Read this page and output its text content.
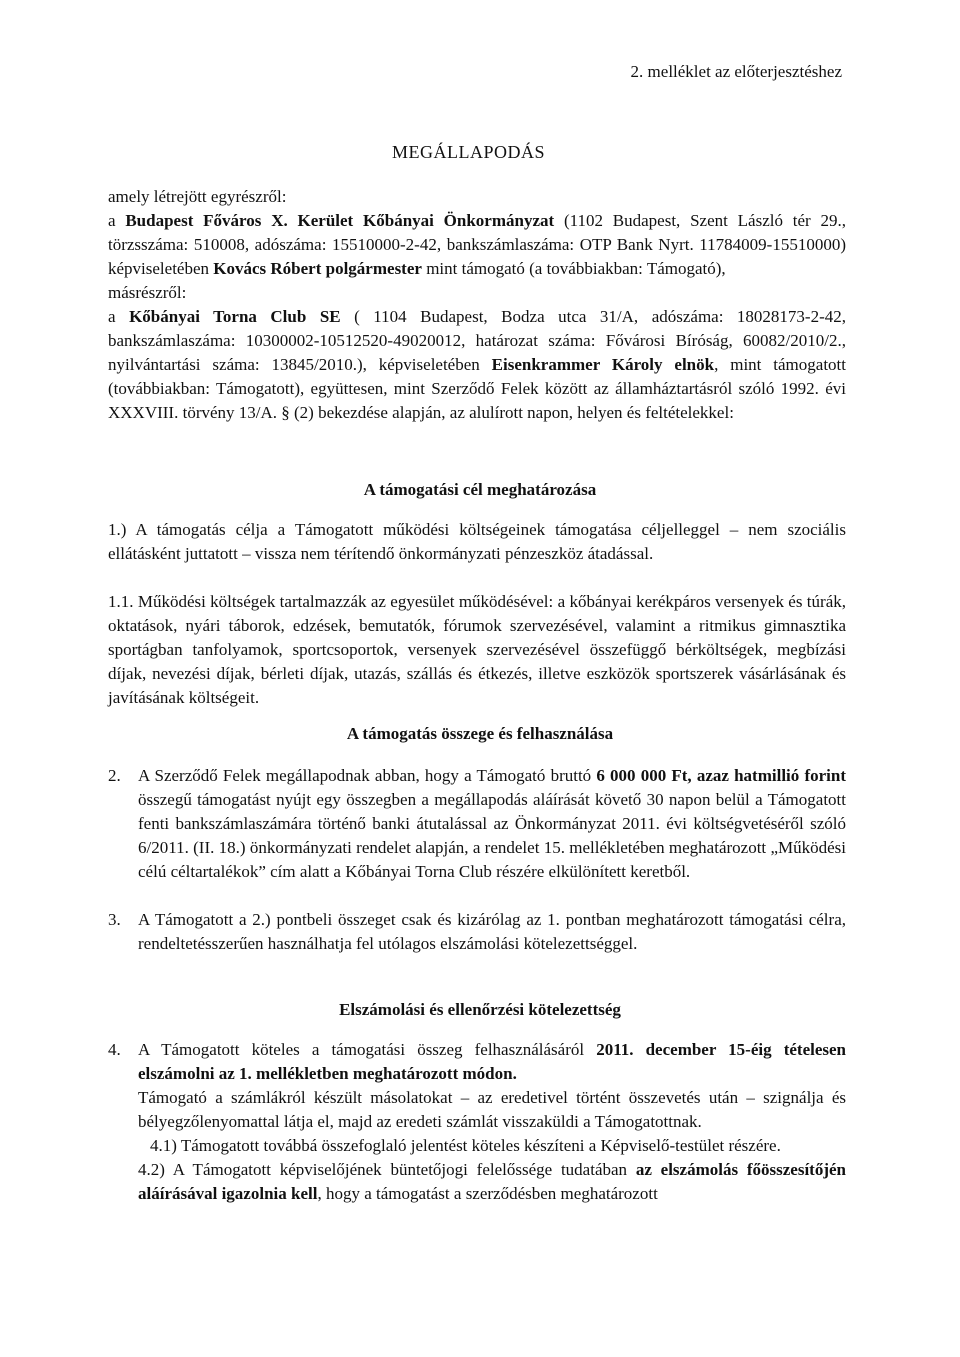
2. melléklet az előterjesztéshez
MEGÁLLAPODÁS

amely létrejött egyrészről:

a Budapest Főváros X. Kerület Kőbányai Önkormányzat (1102 Budapest, Szent László tér 29., törzsszáma: 510008, adószáma: 15510000-2-42, bankszámlaszáma: OTP Bank Nyrt. 11784009-15510000) képviseletében Kovács Róbert polgármester mint támogató (a továbbiakban: Támogató),

másrészről:

a Kőbányai Torna Club SE ( 1104 Budapest, Bodza utca 31/A, adószáma: 18028173-2-42, bankszámlaszáma: 10300002-10512520-49020012, határozat száma: Fővárosi Bíróság, 60082/2010/2., nyilvántartási száma: 13845/2010.), képviseletében Eisenkrammer Károly elnök, mint támogatott (továbbiakban: Támogatott), együttesen, mint Szerződő Felek között az államháztartásról szóló 1992. évi XXXVIII. törvény 13/A. § (2) bekezdése alapján, az alulírott napon, helyen és feltételekkel:

A támogatási cél meghatározása

1.) A támogatás célja a Támogatott működési költségeinek támogatása céljelleggel – nem szociális ellátásként juttatott – vissza nem térítendő önkormányzati pénzeszköz átadással.

1.1. Működési költségek tartalmazzák az egyesület működésével: a kőbányai kerékpáros versenyek és túrák, oktatások, nyári táborok, edzések, bemutatók, fórumok szervezésével, valamint a ritmikus gimnasztika sportágban tanfolyamok, sportcsoportok, versenyek szervezésével összefüggő bérköltségek, megbízási díjak, nevezési díjak, bérleti díjak, utazás, szállás és étkezés, illetve eszközök sportszerek vásárlásának és javításának költségeit.

A támogatás összege és felhasználása

2. A Szerződő Felek megállapodnak abban, hogy a Támogató bruttó 6 000 000 Ft, azaz hatmillió forint összegű támogatást nyújt egy összegben a megállapodás aláírását követő 30 napon belül a Támogatott fenti bankszámlaszámára történő banki átutalással az Önkormányzat 2011. évi költségvetéséről szóló 6/2011. (II. 18.) önkormányzati rendelet alapján, a rendelet 15. mellékletében meghatározott „Működési célú céltartalékok” cím alatt a Kőbányai Torna Club részére elkülönített keretből.

3. A Támogatott a 2.) pontbeli összeget csak és kizárólag az 1. pontban meghatározott támogatási célra, rendeltetésszerűen használhatja fel utólagos elszámolási kötelezettséggel.

Elszámolási és ellenőrzési kötelezettség

4. A Támogatott köteles a támogatási összeg felhasználásáról 2011. december 15-éig tételesen elszámolni az 1. mellékletben meghatározott módon.

Támogató a számlákról készült másolatokat – az eredetivel történt összevetés után – szignálja és bélyegzőlenyomattal látja el, majd az eredeti számlát visszaküldi a Támogatottnak.

4.1) Támogatott továbbá összefoglaló jelentést köteles készíteni a Képviselő-testület részére.

4.2) A Támogatott képviselőjének büntetőjogi felelőssége tudatában az elszámolás főösszesítőjén aláírásával igazolnia kell, hogy a támogatást a szerződésben meghatározott
